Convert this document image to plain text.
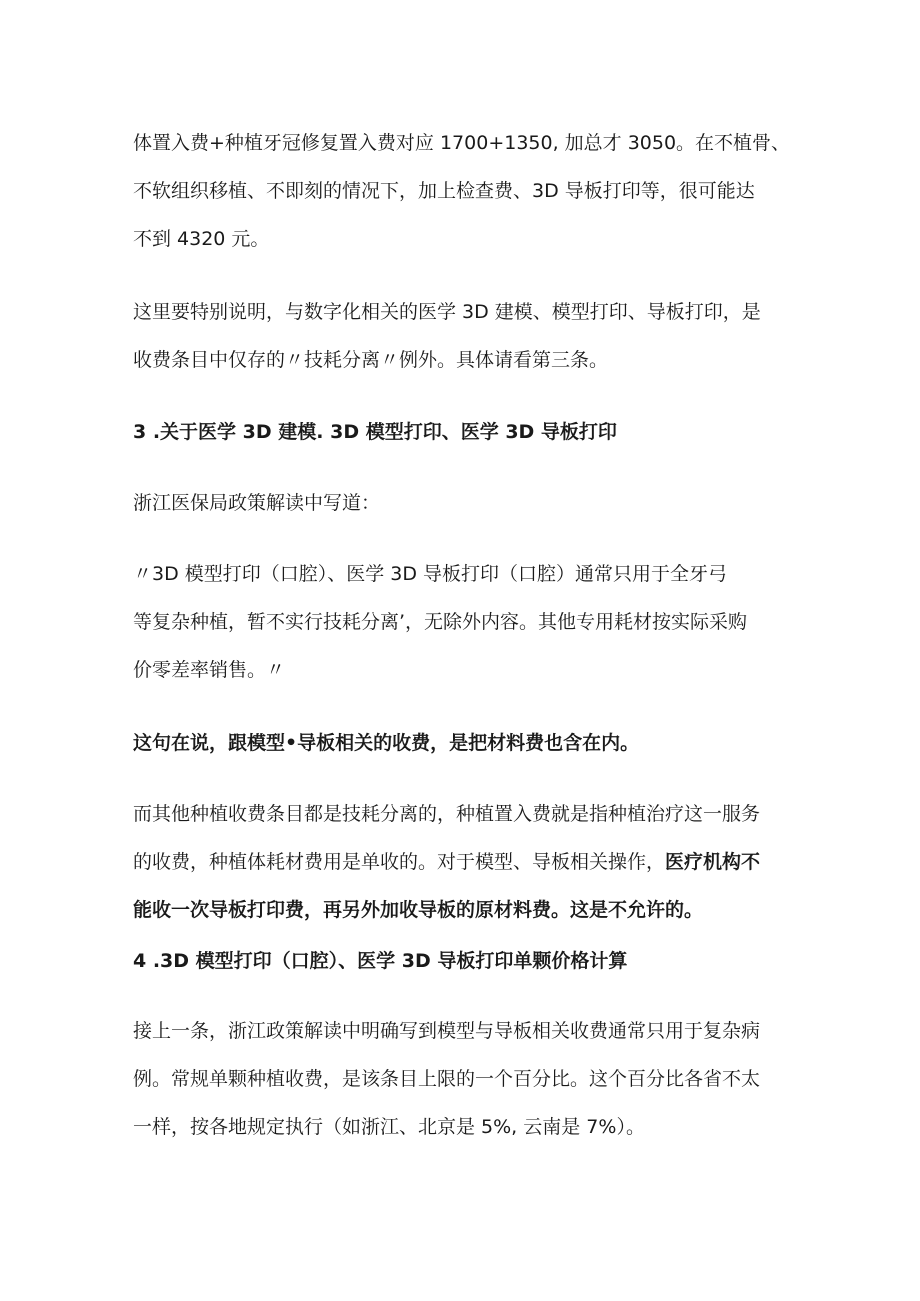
体置入费+种植牙冠修复置入费对应 1700+1350, 加总才 3050。在不植骨、
不软组织移植、不即刻的情况下，加上检查费、3D 导板打印等，很可能达
不到 4320 元。

这里要特别说明，与数字化相关的医学 3D 建模、模型打印、导板打印，是
收费条目中仅存的〃技耗分离〃例外。具体请看第三条。

3 .关于医学 3D 建模. 3D 模型打印、医学 3D 导板打印

浙江医保局政策解读中写道：

〃3D 模型打印（口腔）、医学 3D 导板打印（口腔）通常只用于全牙弓
等复杂种植，暂不实行技耗分离’，无除外内容。其他专用耗材按实际采购
价零差率销售。〃

这句在说，跟模型•导板相关的收费，是把材料费也含在内。

而其他种植收费条目都是技耗分离的，种植置入费就是指种植治疗这一服务
的收费，种植体耗材费用是单收的。对于模型、导板相关操作，医疗机构不
能收一次导板打印费，再另外加收导板的原材料费。这是不允许的。

4 .3D 模型打印（口腔）、医学 3D 导板打印单颗价格计算

接上一条，浙江政策解读中明确写到模型与导板相关收费通常只用于复杂病
例。常规单颗种植收费，是该条目上限的一个百分比。这个百分比各省不太
一样，按各地规定执行（如浙江、北京是 5%, 云南是 7%）。
